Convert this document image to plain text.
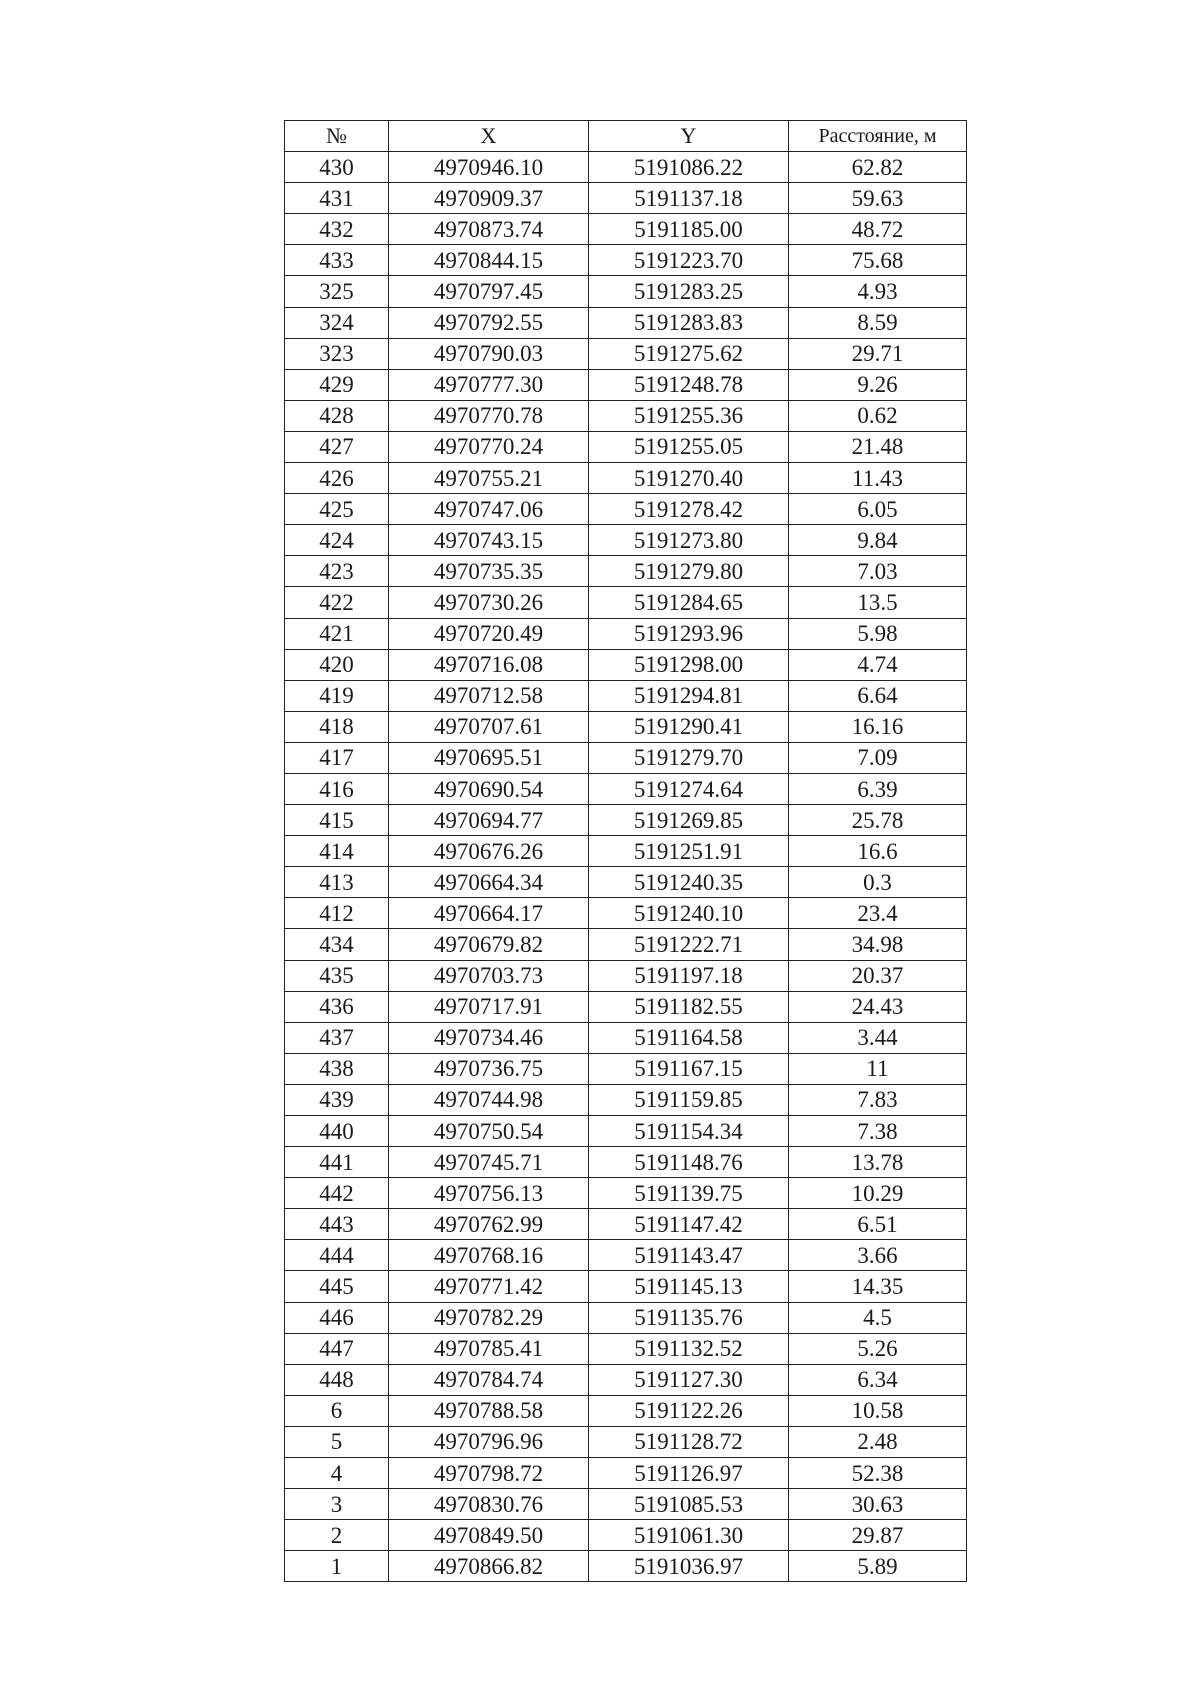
№	X	Y	Расстояние, м
430	4970946.10	5191086.22	62.82
431	4970909.37	5191137.18	59.63
432	4970873.74	5191185.00	48.72
433	4970844.15	5191223.70	75.68
325	4970797.45	5191283.25	4.93
324	4970792.55	5191283.83	8.59
323	4970790.03	5191275.62	29.71
429	4970777.30	5191248.78	9.26
428	4970770.78	5191255.36	0.62
427	4970770.24	5191255.05	21.48
426	4970755.21	5191270.40	11.43
425	4970747.06	5191278.42	6.05
424	4970743.15	5191273.80	9.84
423	4970735.35	5191279.80	7.03
422	4970730.26	5191284.65	13.5
421	4970720.49	5191293.96	5.98
420	4970716.08	5191298.00	4.74
419	4970712.58	5191294.81	6.64
418	4970707.61	5191290.41	16.16
417	4970695.51	5191279.70	7.09
416	4970690.54	5191274.64	6.39
415	4970694.77	5191269.85	25.78
414	4970676.26	5191251.91	16.6
413	4970664.34	5191240.35	0.3
412	4970664.17	5191240.10	23.4
434	4970679.82	5191222.71	34.98
435	4970703.73	5191197.18	20.37
436	4970717.91	5191182.55	24.43
437	4970734.46	5191164.58	3.44
438	4970736.75	5191167.15	11
439	4970744.98	5191159.85	7.83
440	4970750.54	5191154.34	7.38
441	4970745.71	5191148.76	13.78
442	4970756.13	5191139.75	10.29
443	4970762.99	5191147.42	6.51
444	4970768.16	5191143.47	3.66
445	4970771.42	5191145.13	14.35
446	4970782.29	5191135.76	4.5
447	4970785.41	5191132.52	5.26
448	4970784.74	5191127.30	6.34
6	4970788.58	5191122.26	10.58
5	4970796.96	5191128.72	2.48
4	4970798.72	5191126.97	52.38
3	4970830.76	5191085.53	30.63
2	4970849.50	5191061.30	29.87
1	4970866.82	5191036.97	5.89
